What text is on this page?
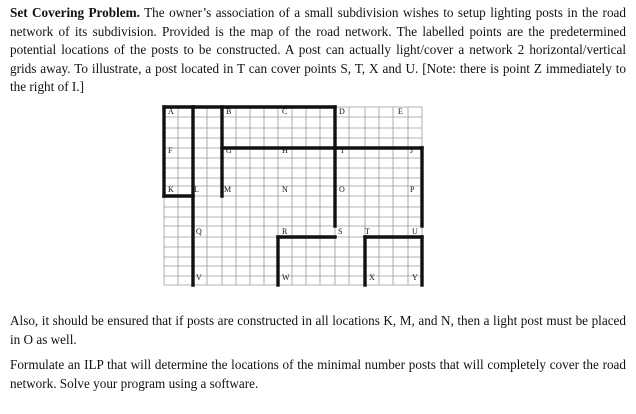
Set Covering Problem. The owner’s association of a small subdivision wishes to setup lighting posts in the road network of its subdivision. Provided is the map of the road network. The labelled points are the predetermined potential locations of the posts to be constructed. A post can actually light/cover a network 2 horizontal/vertical grids away. To illustrate, a post located in T can cover points S, T, X and U. [Note: there is point Z immediately to the right of I.]

A	B	C	D	E
F	G	H	I	J
K	L	M	N	O	P
Q	R	S	T	U
V	W	X	Y

Also, it should be ensured that if posts are constructed in all locations K, M, and N, then a light post must be placed in O as well.

Formulate an ILP that will determine the locations of the minimal number posts that will completely cover the road network. Solve your program using a software.
